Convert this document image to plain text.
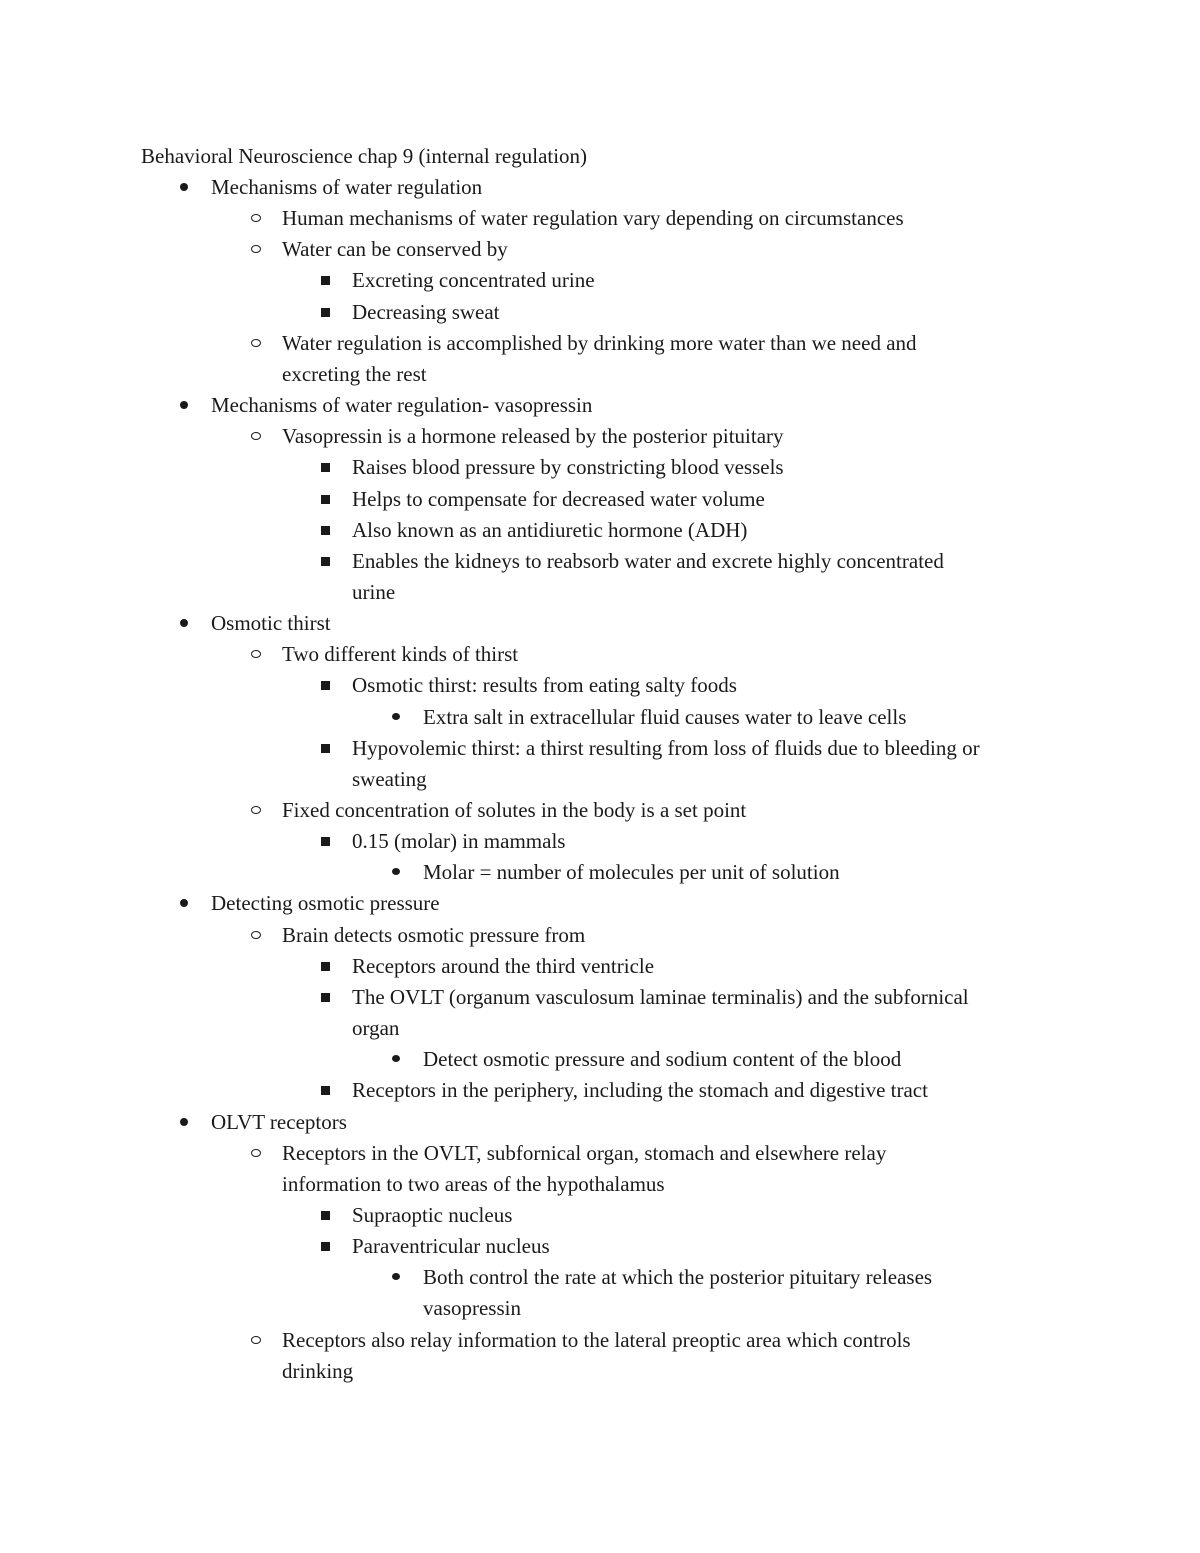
Behavioral Neuroscience chap 9 (internal regulation)
Mechanisms of water regulation
Human mechanisms of water regulation vary depending on circumstances
Water can be conserved by
Excreting concentrated urine
Decreasing sweat
Water regulation is accomplished by drinking more water than we need and
excreting the rest
Mechanisms of water regulation- vasopressin
Vasopressin is a hormone released by the posterior pituitary
Raises blood pressure by constricting blood vessels
Helps to compensate for decreased water volume
Also known as an antidiuretic hormone (ADH)
Enables the kidneys to reabsorb water and excrete highly concentrated
urine
Osmotic thirst
Two different kinds of thirst
Osmotic thirst: results from eating salty foods
Extra salt in extracellular fluid causes water to leave cells
Hypovolemic thirst: a thirst resulting from loss of fluids due to bleeding or
sweating
Fixed concentration of solutes in the body is a set point
0.15 (molar) in mammals
Molar = number of molecules per unit of solution
Detecting osmotic pressure
Brain detects osmotic pressure from
Receptors around the third ventricle
The OVLT (organum vasculosum laminae terminalis) and the subfornical
organ
Detect osmotic pressure and sodium content of the blood
Receptors in the periphery, including the stomach and digestive tract
OLVT receptors
Receptors in the OVLT, subfornical organ, stomach and elsewhere relay
information to two areas of the hypothalamus
Supraoptic nucleus
Paraventricular nucleus
Both control the rate at which the posterior pituitary releases
vasopressin
Receptors also relay information to the lateral preoptic area which controls
drinking
